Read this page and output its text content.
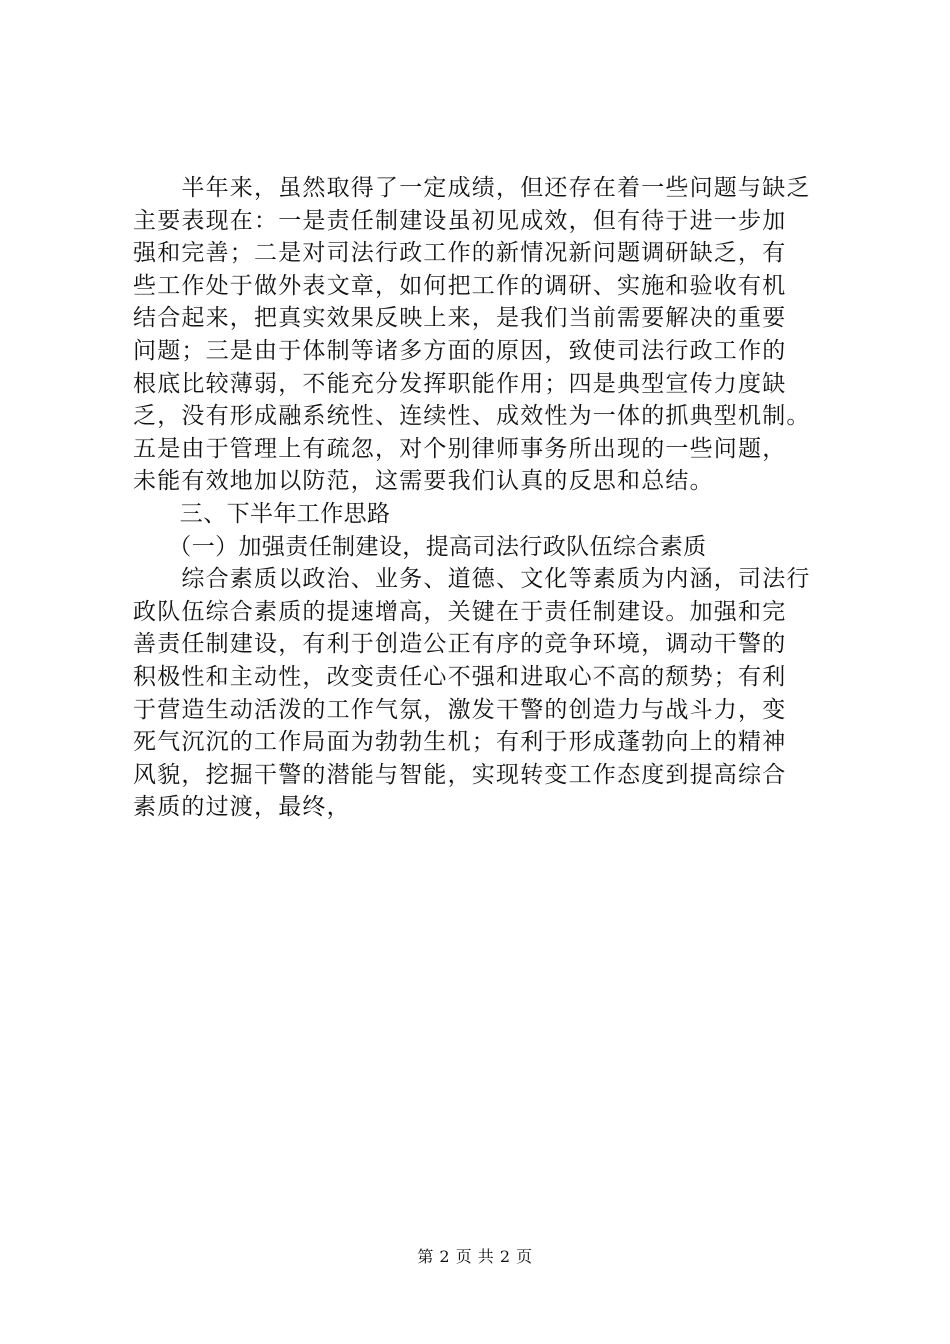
　　半年来，虽然取得了一定成绩，但还存在着一些问题与缺乏
主要表现在：一是责任制建设虽初见成效，但有待于进一步加
强和完善；二是对司法行政工作的新情况新问题调研缺乏，有
些工作处于做外表文章，如何把工作的调研、实施和验收有机
结合起来，把真实效果反映上来，是我们当前需要解决的重要
问题；三是由于体制等诸多方面的原因，致使司法行政工作的
根底比较薄弱，不能充分发挥职能作用；四是典型宣传力度缺
乏，没有形成融系统性、连续性、成效性为一体的抓典型机制。
五是由于管理上有疏忽，对个别律师事务所出现的一些问题，
未能有效地加以防范，这需要我们认真的反思和总结。
　　三、下半年工作思路
　　（一）加强责任制建设，提高司法行政队伍综合素质
　　综合素质以政治、业务、道德、文化等素质为内涵，司法行
政队伍综合素质的提速增高，关键在于责任制建设。加强和完
善责任制建设，有利于创造公正有序的竞争环境，调动干警的
积极性和主动性，改变责任心不强和进取心不高的颓势；有利
于营造生动活泼的工作气氛，激发干警的创造力与战斗力，变
死气沉沉的工作局面为勃勃生机；有利于形成蓬勃向上的精神
风貌，挖掘干警的潜能与智能，实现转变工作态度到提高综合
素质的过渡，最终，
第 2 页 共 2 页
